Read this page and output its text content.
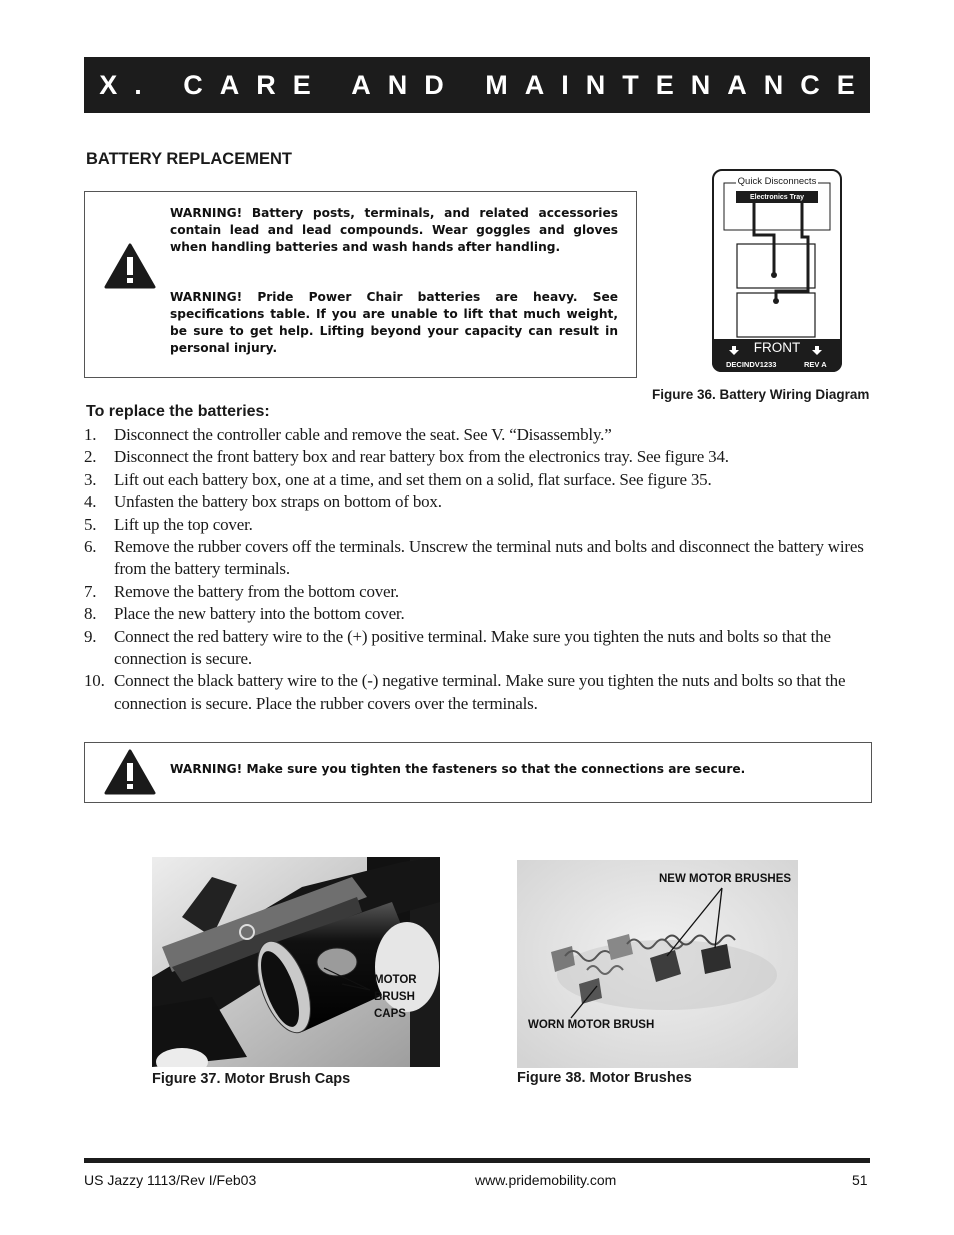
X. CARE AND MAINTENANCE
BATTERY REPLACEMENT
WARNING! Battery posts, terminals, and related accessories contain lead and lead compounds. Wear goggles and gloves when handling batteries and wash hands after handling.
WARNING! Pride Power Chair batteries are heavy. See specifications table. If you are unable to lift that much weight, be sure to get help. Lifting beyond your capacity can result in personal injury.
Quick Disconnects
Electronics Tray
FRONT
DECINDV1233	REV A
Figure 36. Battery Wiring Diagram
To replace the batteries:
1.	Disconnect the controller cable and remove the seat. See V. “Disassembly.”
2.	Disconnect the front battery box and rear battery box from the electronics tray. See figure 34.
3.	Lift out each battery box, one at a time, and set them on a solid, flat surface. See figure 35.
4.	Unfasten the battery box straps on bottom of box.
5.	Lift up the top cover.
6.	Remove the rubber covers off the terminals. Unscrew the terminal nuts and bolts and disconnect the battery wires from the battery terminals.
7.	Remove the battery from the bottom cover.
8.	Place the new battery into the bottom cover.
9.	Connect the red battery wire to the (+) positive terminal. Make sure you tighten the nuts and bolts so that the connection is secure.
10. Connect the black battery wire to the (-) negative terminal. Make sure you tighten the nuts and bolts so that the connection is secure. Place the rubber covers over the terminals.
WARNING! Make sure you tighten the fasteners so that the connections are secure.
MOTOR
BRUSH
CAPS
Figure 37. Motor Brush Caps
NEW MOTOR BRUSHES
WORN MOTOR BRUSH
Figure 38. Motor Brushes
US Jazzy 1113/Rev I/Feb03	www.pridemobility.com	51
